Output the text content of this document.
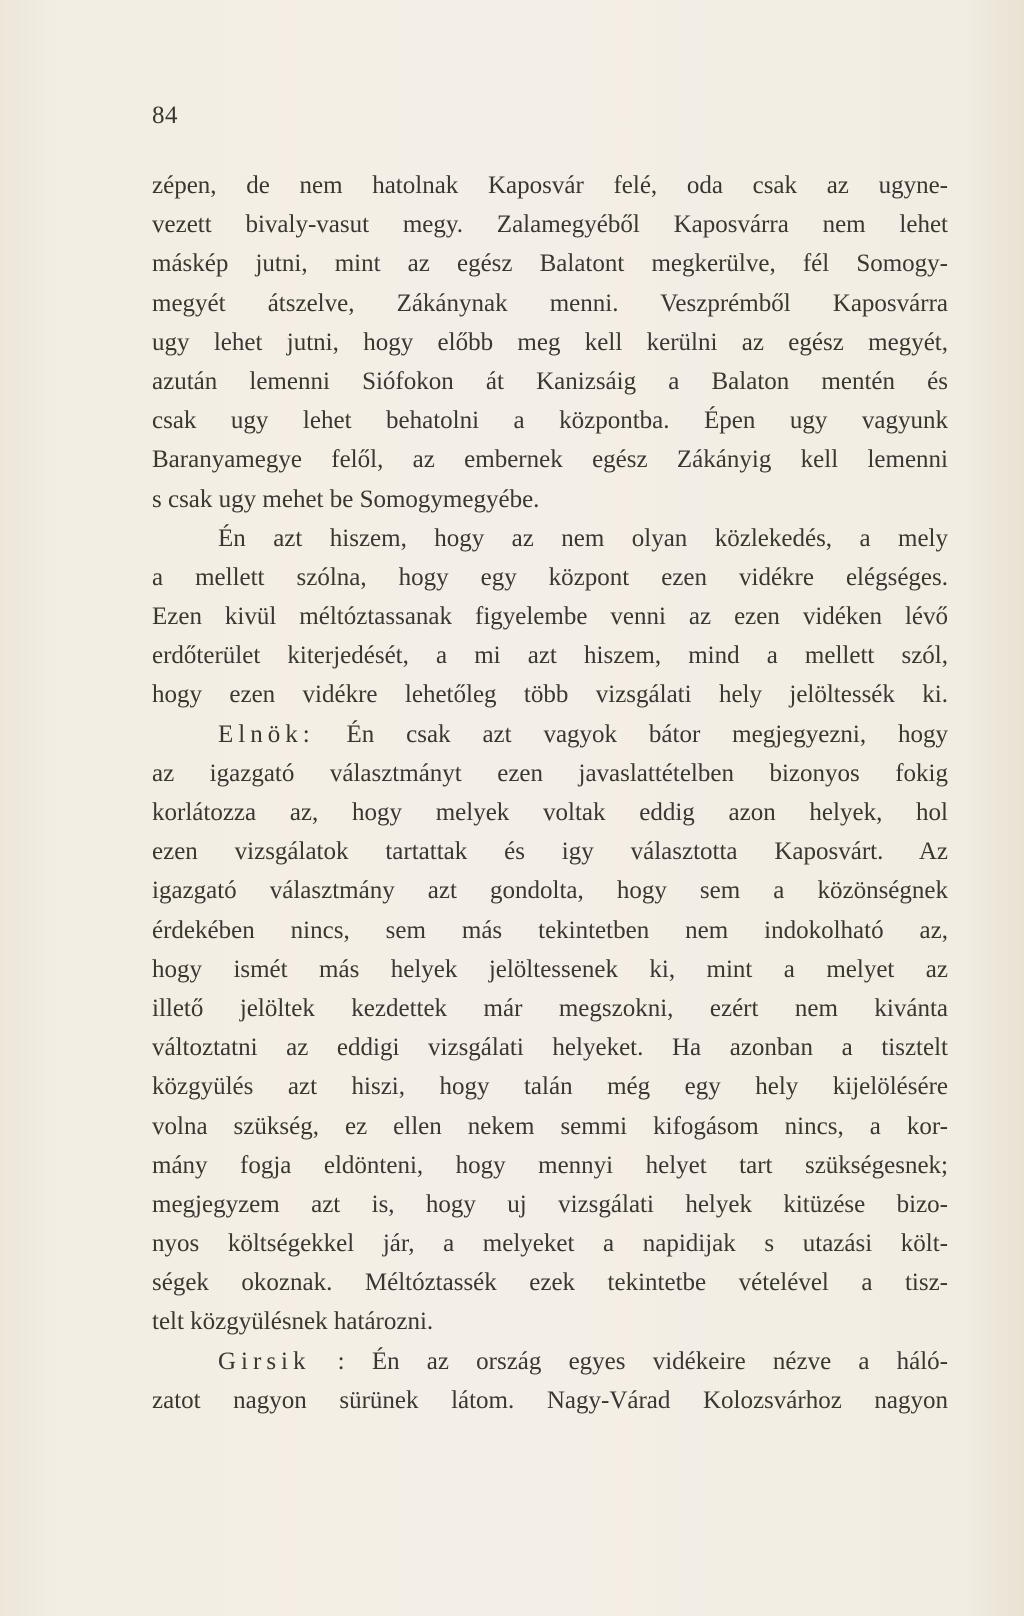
84
zépen, de nem hatolnak Kaposvár felé, oda csak az ugyne-
vezett bivaly-vasut megy. Zalamegyéből Kaposvárra nem lehet
máskép jutni, mint az egész Balatont megkerülve, fél Somogy-
megyét átszelve, Zákánynak menni. Veszprémből Kaposvárra
ugy lehet jutni, hogy előbb meg kell kerülni az egész megyét,
azután lemenni Siófokon át Kanizsáig a Balaton mentén és
csak ugy lehet behatolni a központba. Épen ugy vagyunk
Baranyamegye felől, az embernek egész Zákányig kell lemenni
s csak ugy mehet be Somogymegyébe.
Én azt hiszem, hogy az nem olyan közlekedés, a mely
a mellett szólna, hogy egy központ ezen vidékre elégséges.
Ezen kivül méltóztassanak figyelembe venni az ezen vidéken lévő
erdőterület kiterjedését, a mi azt hiszem, mind a mellett szól,
hogy ezen vidékre lehetőleg több vizsgálati hely jelöltessék ki.
Elnök: Én csak azt vagyok bátor megjegyezni, hogy
az igazgató választmányt ezen javaslattételben bizonyos fokig
korlátozza az, hogy melyek voltak eddig azon helyek, hol
ezen vizsgálatok tartattak és igy választotta Kaposvárt. Az
igazgató választmány azt gondolta, hogy sem a közönségnek
érdekében nincs, sem más tekintetben nem indokolható az,
hogy ismét más helyek jelöltessenek ki, mint a melyet az
illető jelöltek kezdettek már megszokni, ezért nem kivánta
változtatni az eddigi vizsgálati helyeket. Ha azonban a tisztelt
közgyülés azt hiszi, hogy talán még egy hely kijelölésére
volna szükség, ez ellen nekem semmi kifogásom nincs, a kor-
mány fogja eldönteni, hogy mennyi helyet tart szükségesnek;
megjegyzem azt is, hogy uj vizsgálati helyek kitüzése bizo-
nyos költségekkel jár, a melyeket a napidijak s utazási költ-
ségek okoznak. Méltóztassék ezek tekintetbe vételével a tisz-
telt közgyülésnek határozni.
Girsik : Én az ország egyes vidékeire nézve a háló-
zatot nagyon sürünek látom. Nagy-Várad Kolozsvárhoz nagyon
